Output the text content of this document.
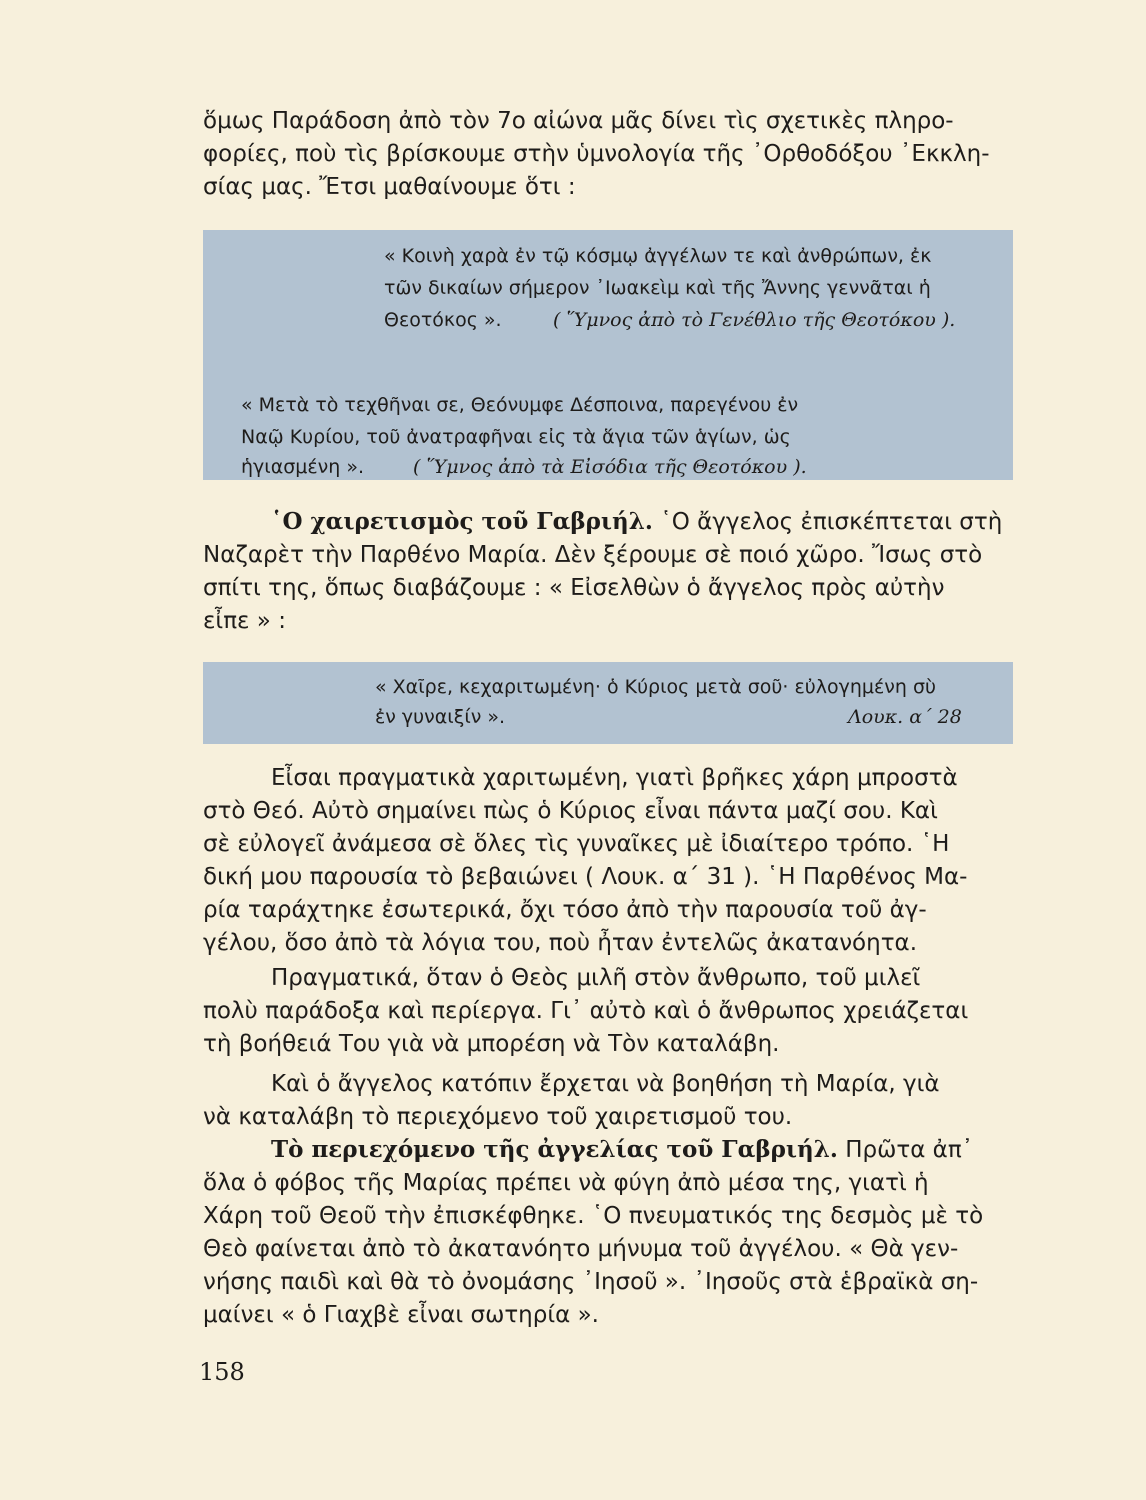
ὅμως Παράδοση ἀπὸ τὸν 7ο αἰώνα μᾶς δίνει τὶς σχετικὲς πληρο-
φορίες, ποὺ τὶς βρίσκουμε στὴν ὑμνολογία τῆς ᾿Ορθοδόξου ᾿Εκκλη-
σίας μας. Ἔτσι μαθαίνουμε ὅτι :
« Κοινὴ χαρὰ ἐν τῷ κόσμῳ ἀγγέλων τε καὶ ἀνθρώπων, ἐκ
τῶν δικαίων σήμερον ᾿Ιωακεὶμ καὶ τῆς Ἄννης γεννᾶται ἡ
Θεοτόκος ».	( Ὕμνος ἀπὸ τὸ Γενέθλιο τῆς Θεοτόκου ).
« Μετὰ τὸ τεχθῆναι σε, Θεόνυμφε Δέσποινα, παρεγένου ἐν
Ναῷ Κυρίου, τοῦ ἀνατραφῆναι εἰς τὰ ἅγια τῶν ἁγίων, ὡς
ἡγιασμένη ».	( Ὕμνος ἀπὸ τὰ Εἰσόδια τῆς Θεοτόκου ).
῾Ο χαιρετισμὸς τοῦ Γαβριήλ. ῾Ο ἄγγελος ἐπισκέπτεται στὴ
Ναζαρὲτ τὴν Παρθένο Μαρία. Δὲν ξέρουμε σὲ ποιό χῶρο. Ἴσως στὸ
σπίτι της, ὅπως διαβάζουμε : « Εἰσελθὼν ὁ ἄγγελος πρὸς αὐτὴν
εἶπε » :
« Χαῖρε, κεχαριτωμένη· ὁ Κύριος μετὰ σοῦ· εὐλογημένη σὺ
ἐν γυναιξίν ».	Λουκ. α΄ 28
Εἶσαι πραγματικὰ χαριτωμένη, γιατὶ βρῆκες χάρη μπροστὰ
στὸ Θεό. Αὐτὸ σημαίνει πὼς ὁ Κύριος εἶναι πάντα μαζί σου. Καὶ
σὲ εὐλογεῖ ἀνάμεσα σὲ ὅλες τὶς γυναῖκες μὲ ἰδιαίτερο τρόπο. ῾Η
δική μου παρουσία τὸ βεβαιώνει ( Λουκ. α΄ 31 ). ῾Η Παρθένος Μα-
ρία ταράχτηκε ἐσωτερικά, ὄχι τόσο ἀπὸ τὴν παρουσία τοῦ ἀγ-
γέλου, ὅσο ἀπὸ τὰ λόγια του, ποὺ ἦταν ἐντελῶς ἀκατανόητα.
Πραγματικά, ὅταν ὁ Θεὸς μιλῆ στὸν ἄνθρωπο, τοῦ μιλεῖ
πολὺ παράδοξα καὶ περίεργα. Γι᾿ αὐτὸ καὶ ὁ ἄνθρωπος χρειάζεται
τὴ βοήθειά Του γιὰ νὰ μπορέση νὰ Τὸν καταλάβη.
Καὶ ὁ ἄγγελος κατόπιν ἔρχεται νὰ βοηθήση τὴ Μαρία, γιὰ
νὰ καταλάβη τὸ περιεχόμενο τοῦ χαιρετισμοῦ του.
Τὸ περιεχόμενο τῆς ἀγγελίας τοῦ Γαβριήλ. Πρῶτα ἀπ᾿
ὅλα ὁ φόβος τῆς Μαρίας πρέπει νὰ φύγη ἀπὸ μέσα της, γιατὶ ἡ
Χάρη τοῦ Θεοῦ τὴν ἐπισκέφθηκε. ῾Ο πνευματικός της δεσμὸς μὲ τὸ
Θεὸ φαίνεται ἀπὸ τὸ ἀκατανόητο μήνυμα τοῦ ἀγγέλου. « Θὰ γεν-
νήσης παιδὶ καὶ θὰ τὸ ὀνομάσης ᾿Ιησοῦ ». ᾿Ιησοῦς στὰ ἑβραϊκὰ ση-
μαίνει « ὁ Γιαχβὲ εἶναι σωτηρία ».
158
